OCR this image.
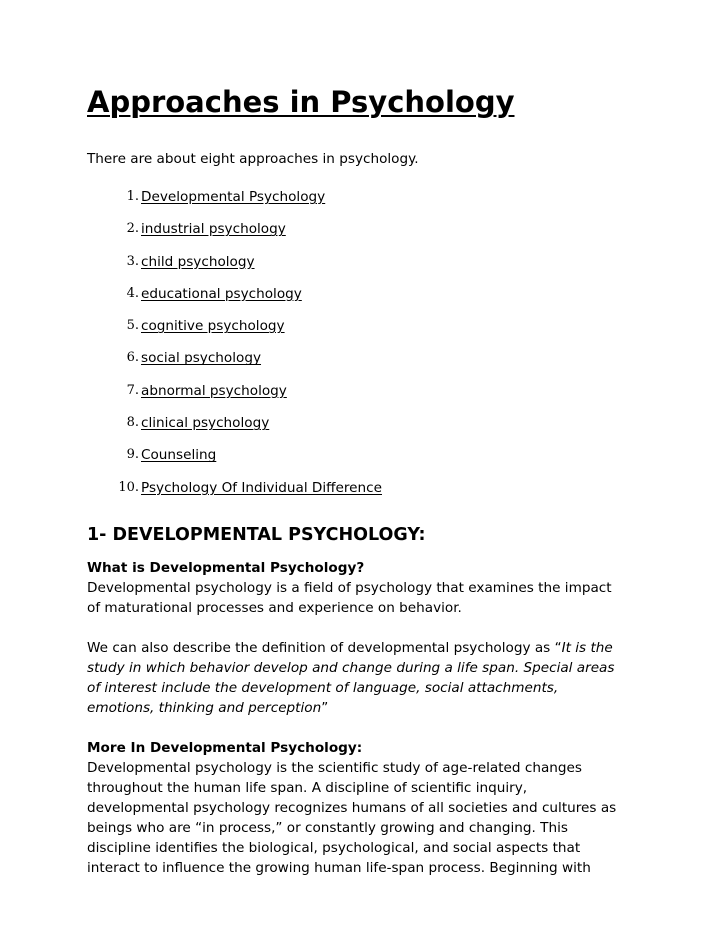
Approaches in Psychology

There are about eight approaches in psychology.

1. Developmental Psychology
2. industrial psychology
3. child psychology
4. educational psychology
5. cognitive psychology
6. social psychology
7. abnormal psychology
8. clinical psychology
9. Counseling
10. Psychology Of Individual Difference
1- DEVELOPMENTAL PSYCHOLOGY:

What is Developmental Psychology?

Developmental psychology is a field of psychology that examines the impact
of maturational processes and experience on behavior.

We can also describe the definition of developmental psychology as “It is the
study in which behavior develop and change during a life span. Special areas
of interest include the development of language, social attachments,
emotions, thinking and perception”

More In Developmental Psychology:

Developmental psychology is the scientific study of age-related changes
throughout the human life span. A discipline of scientific inquiry,
developmental psychology recognizes humans of all societies and cultures as
beings who are “in process,” or constantly growing and changing. This
discipline identifies the biological, psychological, and social aspects that
interact to influence the growing human life-span process. Beginning with
